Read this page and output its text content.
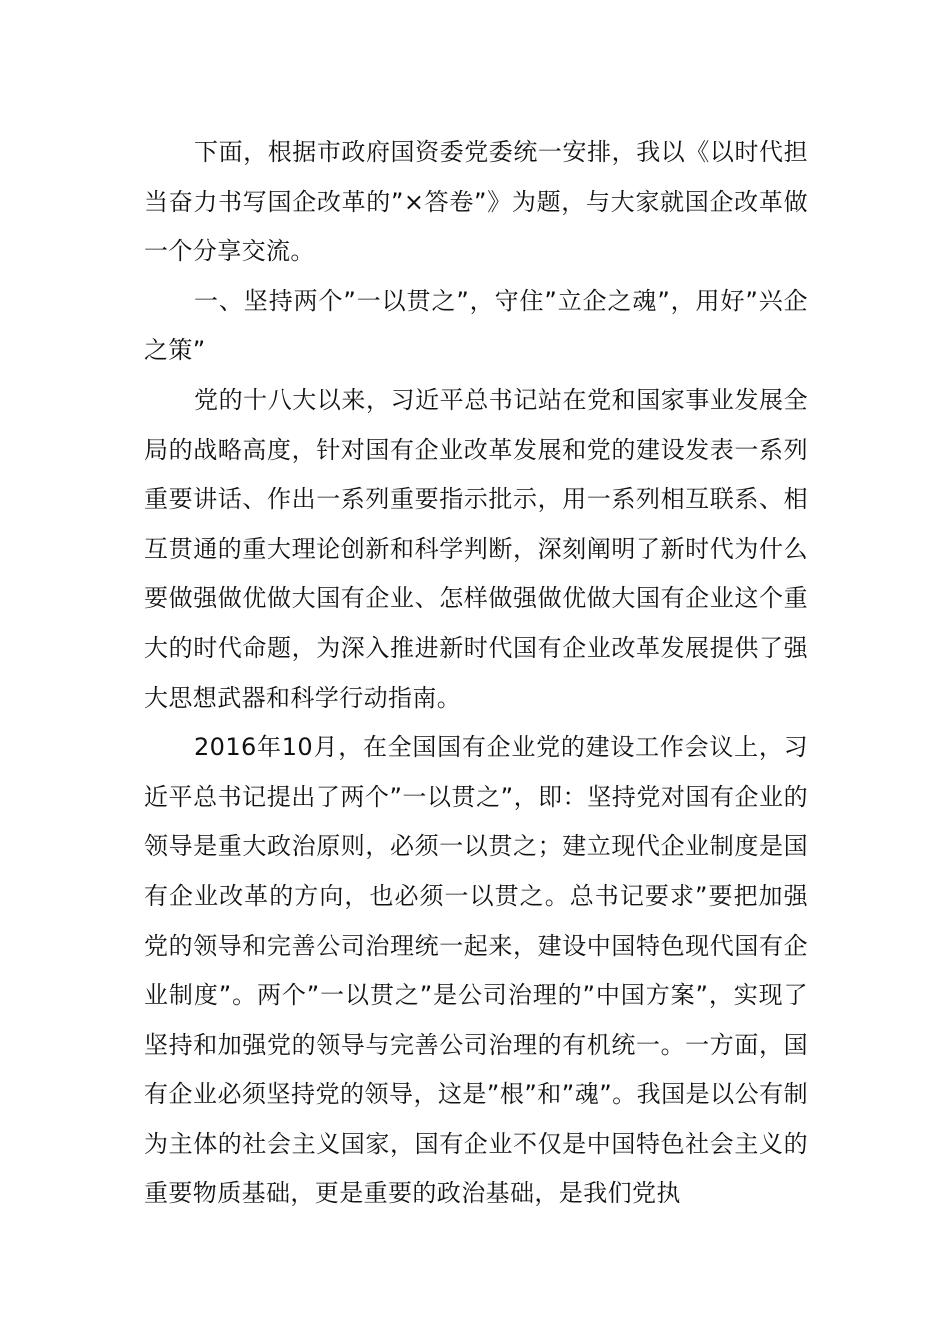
下面，根据市政府国资委党委统一安排，我以《以时代担当奋力书写国企改革的”×答卷”》为题，与大家就国企改革做一个分享交流。

一、坚持两个”一以贯之”，守住”立企之魂”，用好”兴企之策”

党的十八大以来，习近平总书记站在党和国家事业发展全局的战略高度，针对国有企业改革发展和党的建设发表一系列重要讲话、作出一系列重要指示批示，用一系列相互联系、相互贯通的重大理论创新和科学判断，深刻阐明了新时代为什么要做强做优做大国有企业、怎样做强做优做大国有企业这个重大的时代命题，为深入推进新时代国有企业改革发展提供了强大思想武器和科学行动指南。

2016年10月，在全国国有企业党的建设工作会议上，习近平总书记提出了两个”一以贯之”，即：坚持党对国有企业的领导是重大政治原则，必须一以贯之；建立现代企业制度是国有企业改革的方向，也必须一以贯之。总书记要求”要把加强党的领导和完善公司治理统一起来，建设中国特色现代国有企业制度”。两个”一以贯之”是公司治理的”中国方案”，实现了坚持和加强党的领导与完善公司治理的有机统一。一方面，国有企业必须坚持党的领导，这是”根”和”魂”。我国是以公有制为主体的社会主义国家，国有企业不仅是中国特色社会主义的重要物质基础，更是重要的政治基础，是我们党执
